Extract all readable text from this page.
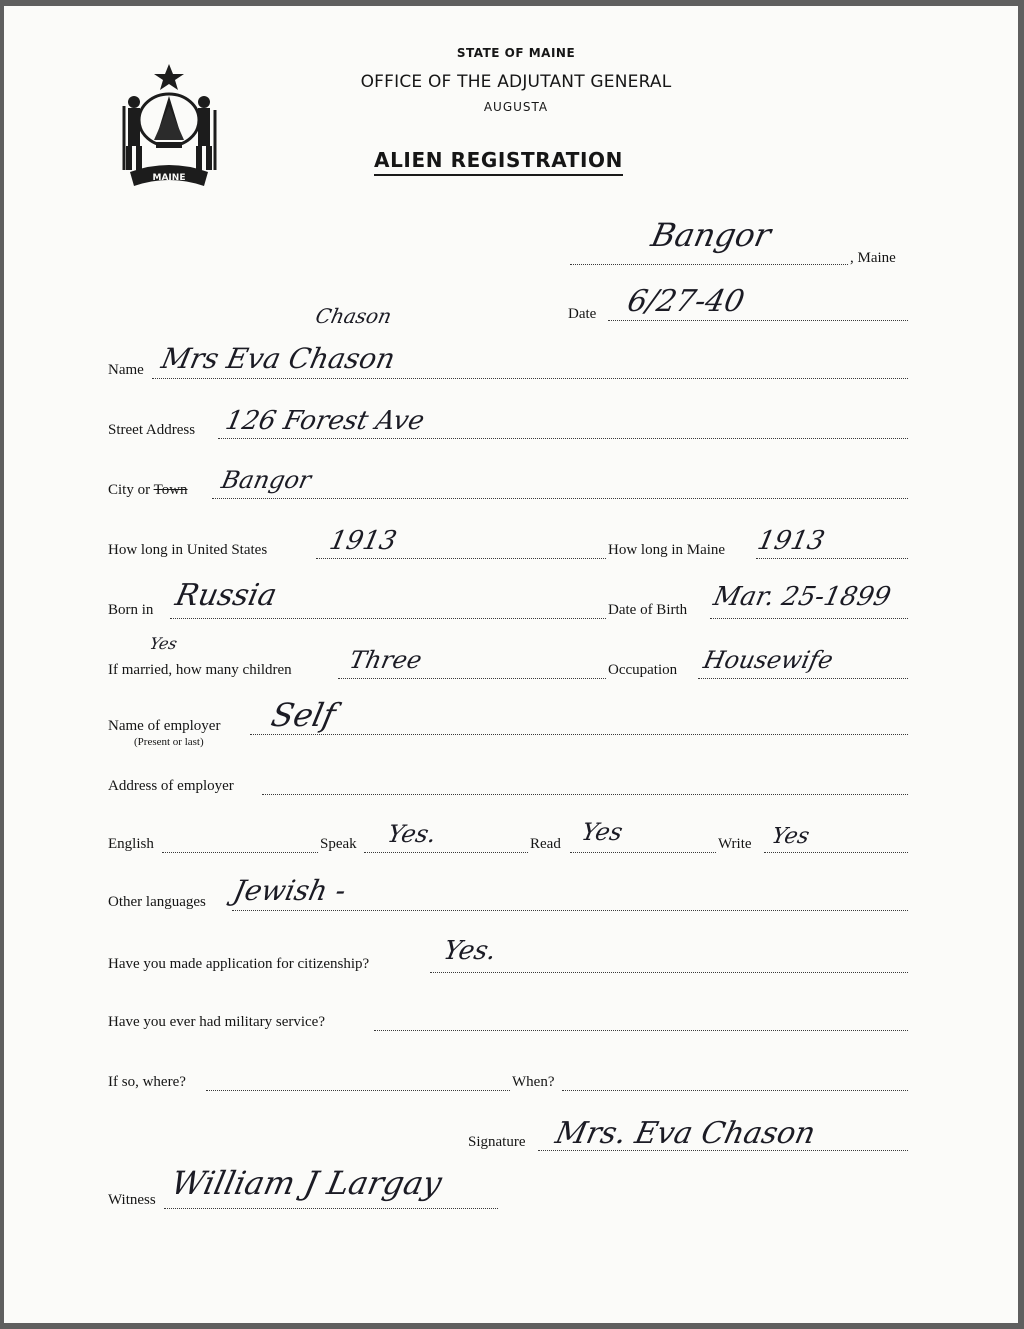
MAINE
STATE OF MAINE
OFFICE OF THE ADJUTANT GENERAL
AUGUSTA
ALIEN REGISTRATION
Bangor
, Maine
Date 6/27-40
Chason
Name Mrs Eva Chason
Street Address 126 Forest Ave
City or Town Bangor
How long in United States 1913	How long in Maine 1913
Born in Russia	Date of Birth Mar. 25-1899
Yes
If married, how many children Three	Occupation Housewife
Name of employer
(Present or last)
Self
Address of employer
English	Speak Yes.	Read Yes	Write Yes
Other languages Jewish -
Have you made application for citizenship?	Yes.
Have you ever had military service?
If so, where?	When?
Signature Mrs. Eva Chason
Witness William J Largay
